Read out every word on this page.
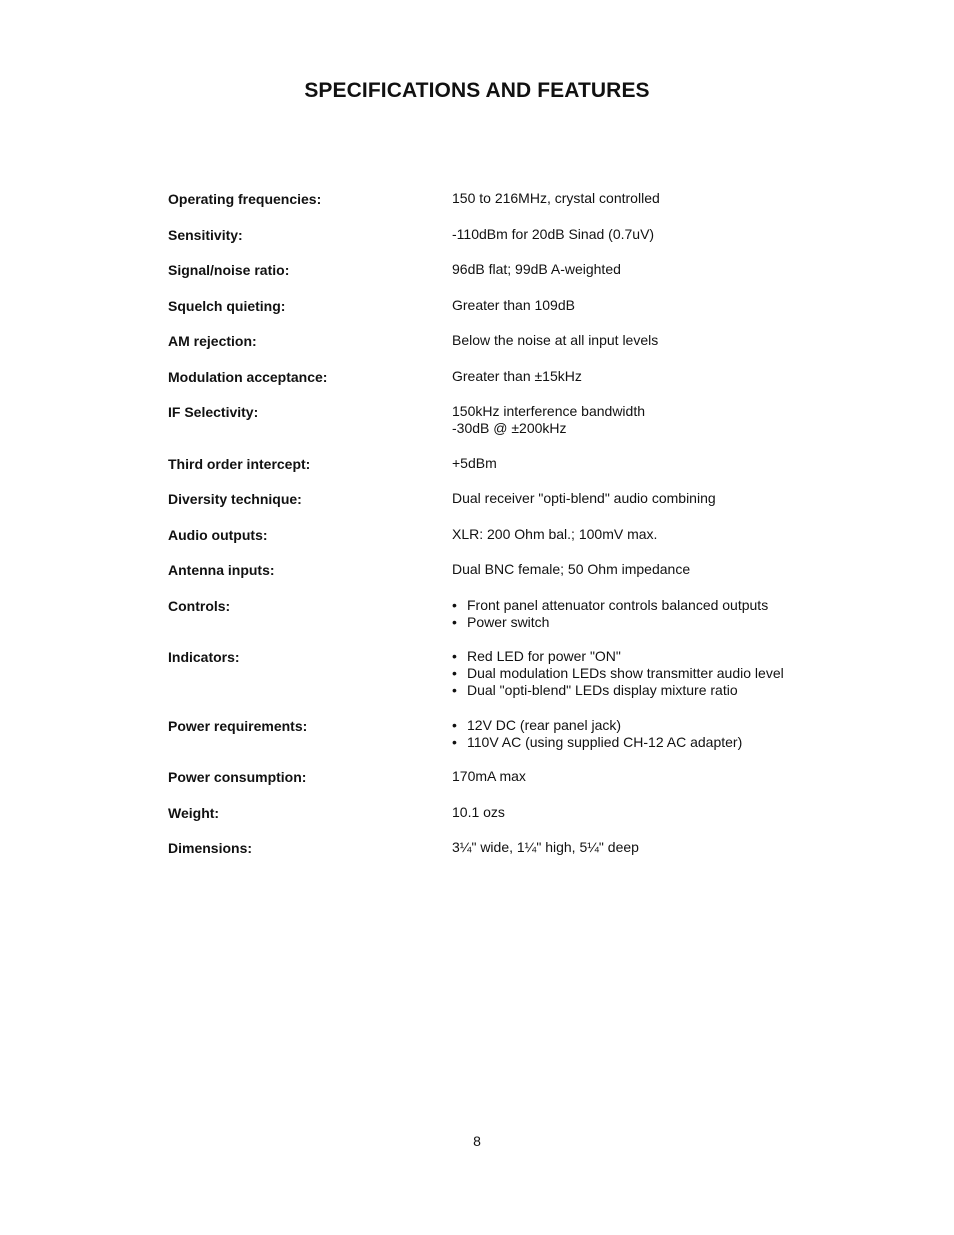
SPECIFICATIONS AND FEATURES
Operating frequencies:	150 to 216MHz, crystal controlled
Sensitivity:	-110dBm for 20dB Sinad (0.7uV)
Signal/noise ratio:	96dB flat; 99dB A-weighted
Squelch quieting:	Greater than 109dB
AM rejection:	Below the noise at all input levels
Modulation acceptance:	Greater than ±15kHz
IF Selectivity:	150kHz interference bandwidth
-30dB @ ±200kHz
Third order intercept:	+5dBm
Diversity technique:	Dual receiver "opti-blend" audio combining
Audio outputs:	XLR: 200 Ohm bal.; 100mV max.
Antenna inputs:	Dual BNC female; 50 Ohm impedance
Controls:	• Front panel attenuator controls balanced outputs
• Power switch
Indicators:	• Red LED for power "ON"
• Dual modulation LEDs show transmitter audio level
• Dual "opti-blend" LEDs display mixture ratio
Power requirements:	• 12V DC (rear panel jack)
• 110V AC (using supplied CH-12 AC adapter)
Power consumption:	170mA max
Weight:	10.1 ozs
Dimensions:	3¼" wide, 1¼" high, 5¼" deep
8
